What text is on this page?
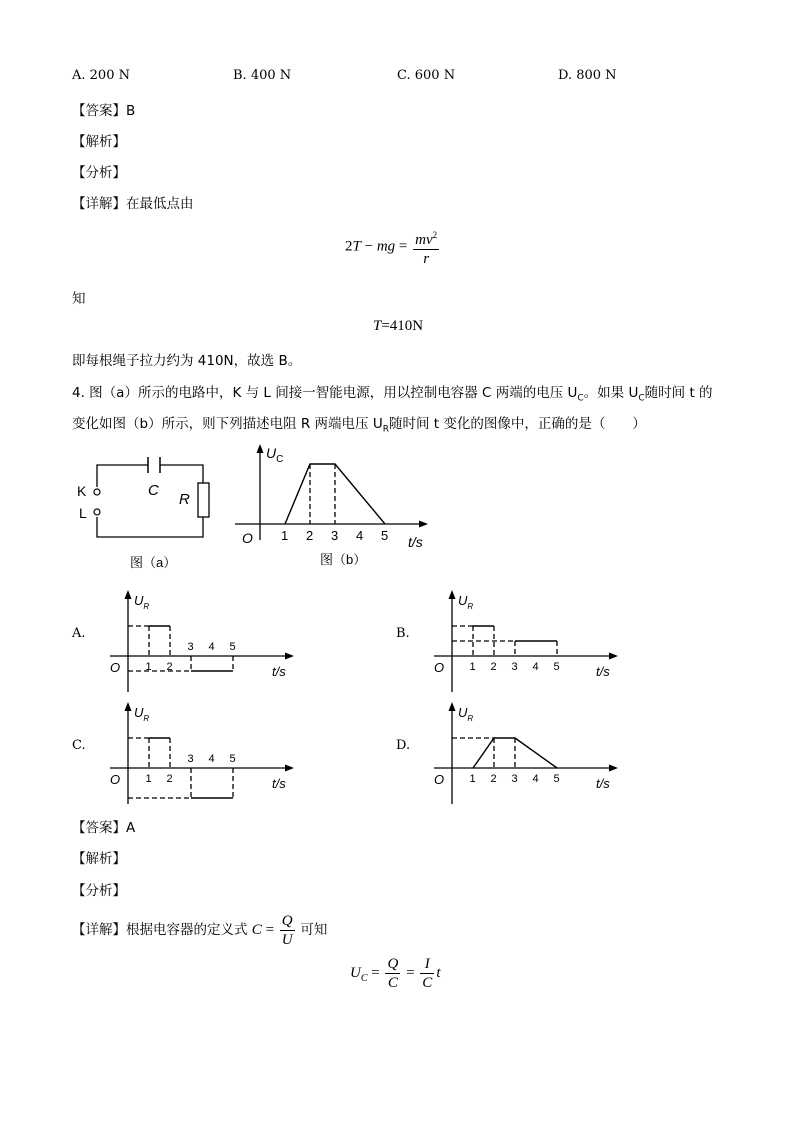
A. 200 N	B. 400 N	C. 600 N	D. 800 N
【答案】B
【解析】
【分析】
【详解】在最低点由
2T − mg = $\frac{mv^2}{r}$
知
T=410N
即每根绳子拉力约为 410N，故选 B。
4. 图（a）所示的电路中，K 与 L 间接一智能电源，用以控制电容器 C 两端的电压 $U_C$。如果 $U_C$随时间 t 的
变化如图（b）所示，则下列描述电阻 R 两端电压 $U_R$随时间 t 变化的图像中，正确的是（　　）
K
L
C
R
图（a）
$U_C$
O	t/s
1 2 3 4 5
图（b）
A.
$U_R$
O	t/s
1 2
3 4 5
B.
$U_R$
O	t/s
1 2 3 4 5
C.
$U_R$
O	t/s
1 2
3 4 5
D.
$U_R$
O	t/s
1 2 3 4 5
【答案】A
【解析】
【分析】
【详解】根据电容器的定义式 $C = \frac{Q}{U}$ 可知
$U_C = \frac{Q}{C} = \frac{I}{C}$ t
